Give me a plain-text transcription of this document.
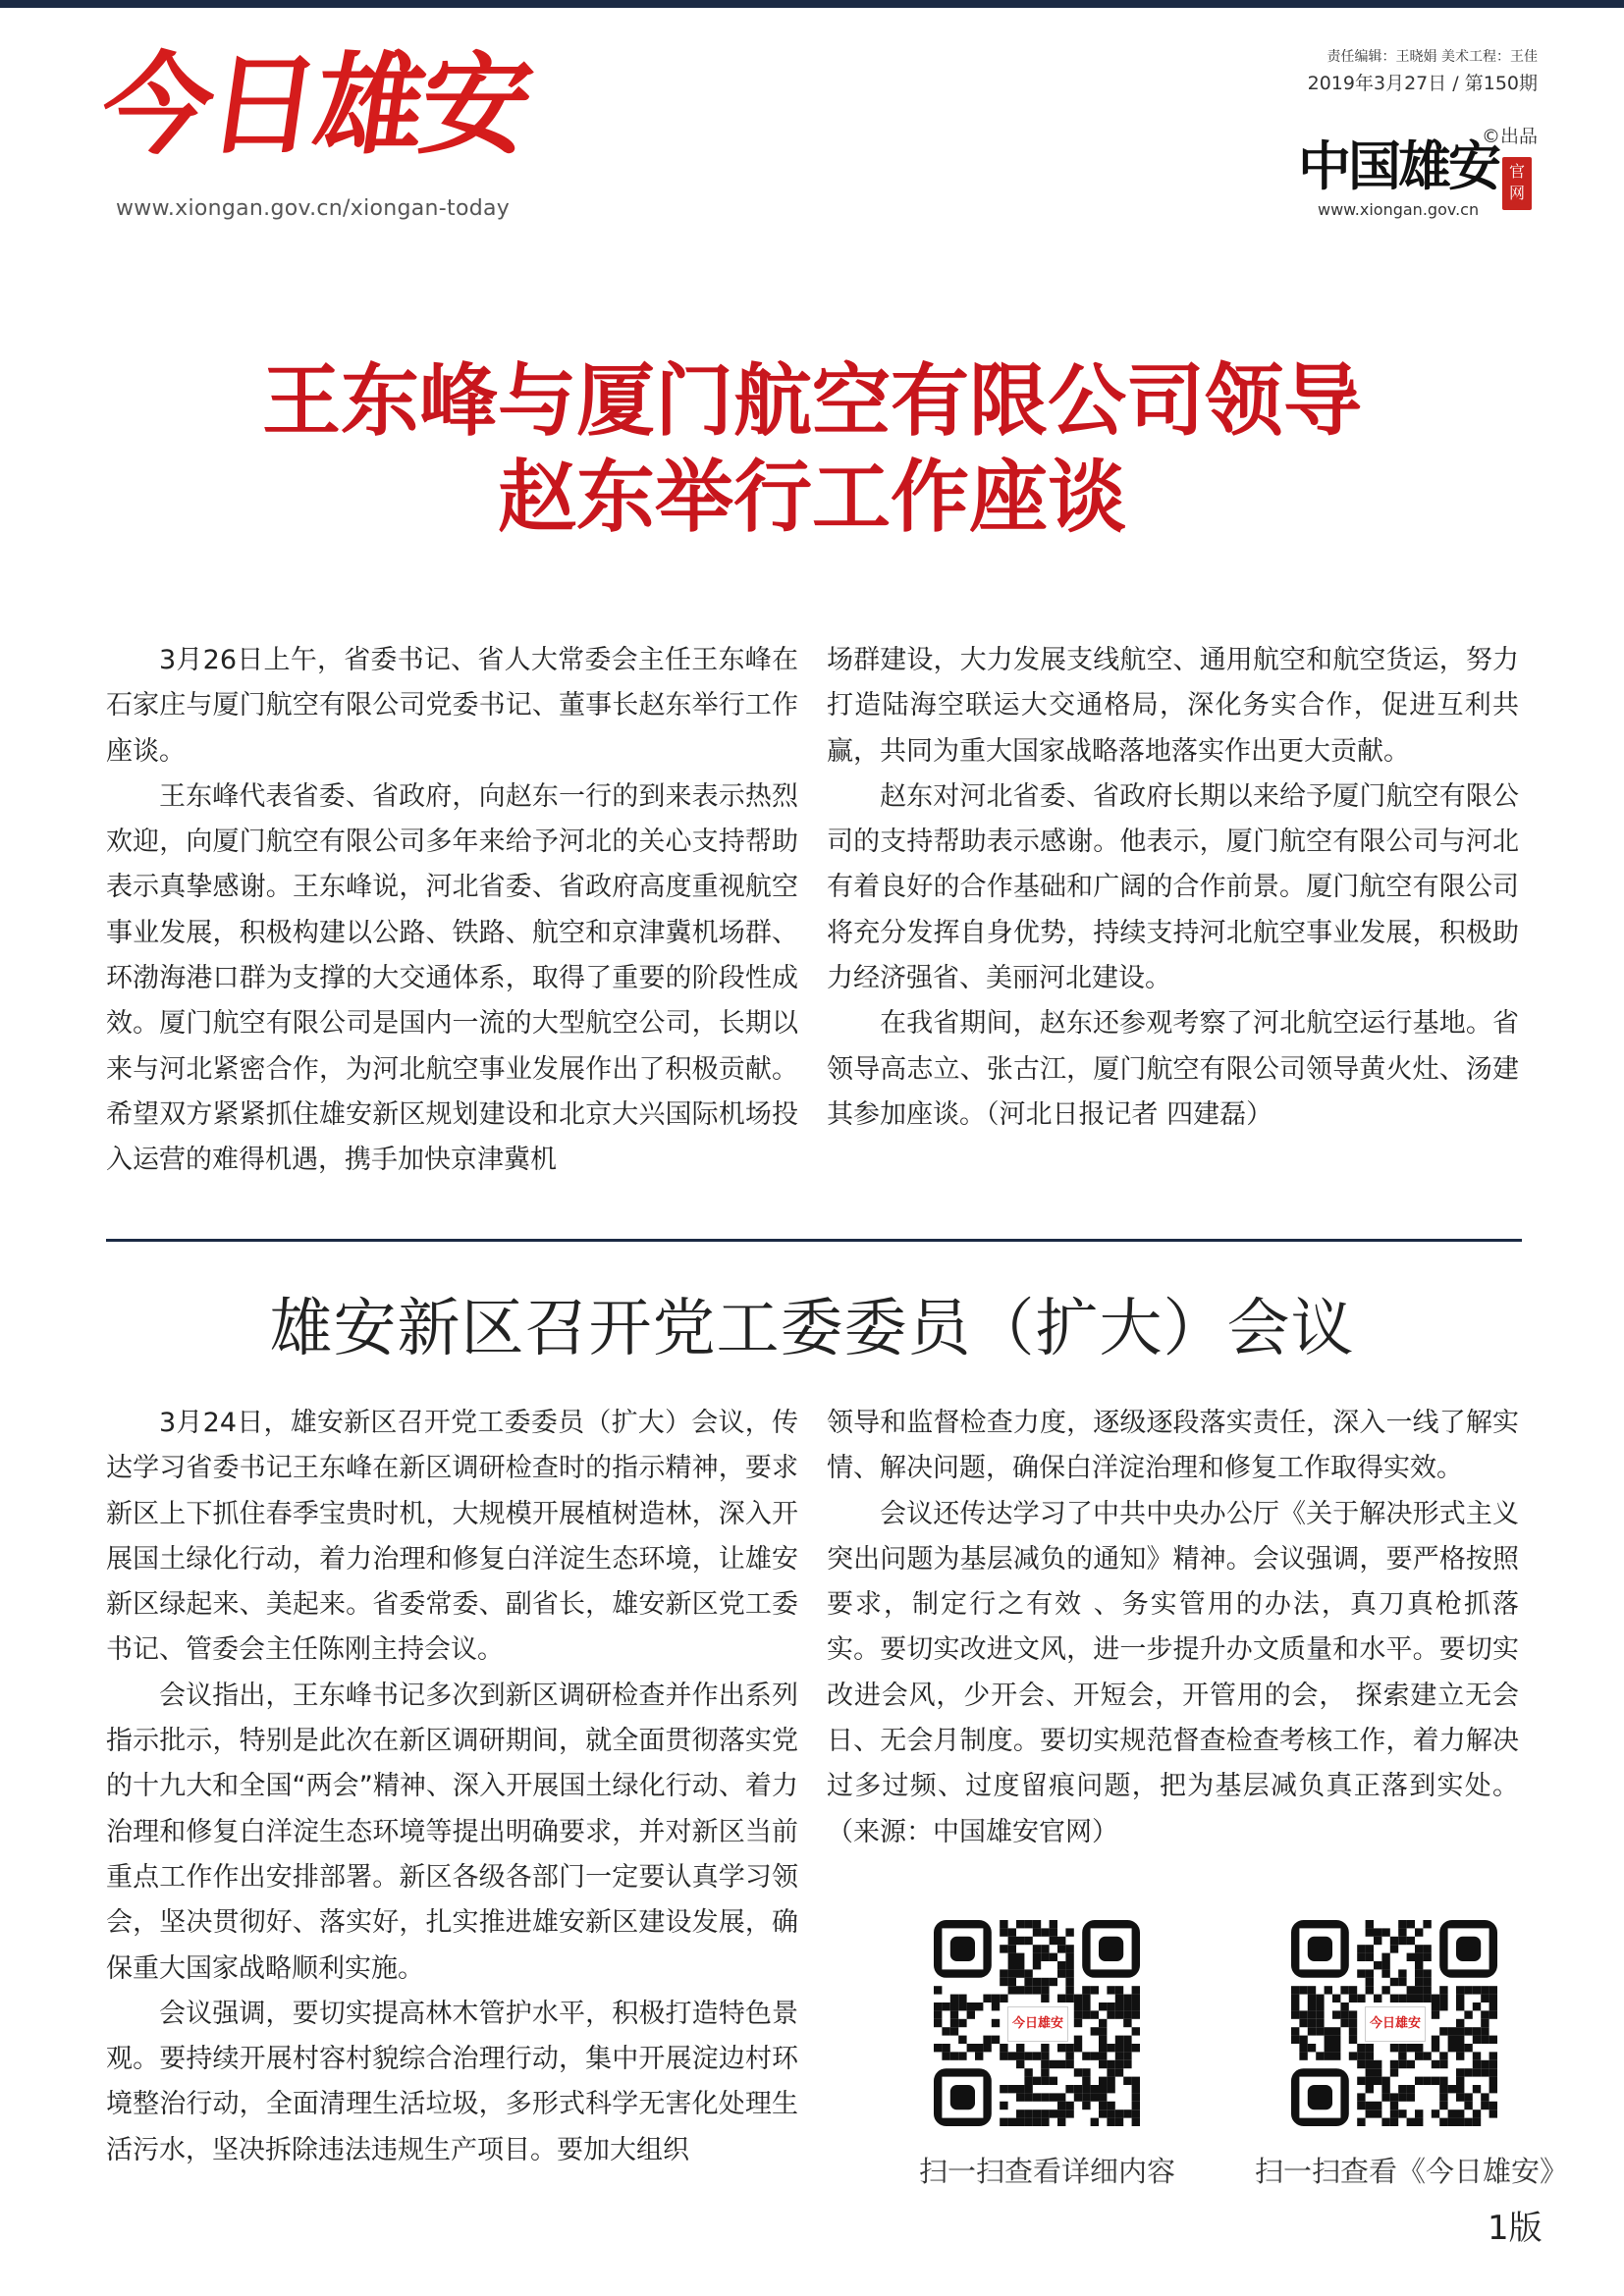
今日雄安
www.xiongan.gov.cn/xiongan-today
责任编辑：王晓娟 美术工程：王佳
2019年3月27日 / 第150期
©出品
中国雄安 官网
www.xiongan.gov.cn
王东峰与厦门航空有限公司领导
赵东举行工作座谈

3月26日上午，省委书记、省人大常委会主任王东峰在石家庄与厦门航空有限公司党委书记、董事长赵东举行工作座谈。

王东峰代表省委、省政府，向赵东一行的到来表示热烈欢迎，向厦门航空有限公司多年来给予河北的关心支持帮助表示真挚感谢。王东峰说，河北省委、省政府高度重视航空事业发展，积极构建以公路、铁路、航空和京津冀机场群、环渤海港口群为支撑的大交通体系，取得了重要的阶段性成效。厦门航空有限公司是国内一流的大型航空公司，长期以来与河北紧密合作，为河北航空事业发展作出了积极贡献。希望双方紧紧抓住雄安新区规划建设和北京大兴国际机场投入运营的难得机遇，携手加快京津冀机

场群建设，大力发展支线航空、通用航空和航空货运，努力打造陆海空联运大交通格局，深化务实合作，促进互利共赢，共同为重大国家战略落地落实作出更大贡献。

赵东对河北省委、省政府长期以来给予厦门航空有限公司的支持帮助表示感谢。他表示，厦门航空有限公司与河北有着良好的合作基础和广阔的合作前景。厦门航空有限公司将充分发挥自身优势，持续支持河北航空事业发展，积极助力经济强省、美丽河北建设。

在我省期间，赵东还参观考察了河北航空运行基地。省领导高志立、张古江，厦门航空有限公司领导黄火灶、汤建其参加座谈。（河北日报记者 四建磊）

雄安新区召开党工委委员（扩大）会议

3月24日，雄安新区召开党工委委员（扩大）会议，传达学习省委书记王东峰在新区调研检查时的指示精神，要求新区上下抓住春季宝贵时机，大规模开展植树造林，深入开展国土绿化行动，着力治理和修复白洋淀生态环境，让雄安新区绿起来、美起来。省委常委、副省长，雄安新区党工委书记、管委会主任陈刚主持会议。

会议指出，王东峰书记多次到新区调研检查并作出系列指示批示，特别是此次在新区调研期间，就全面贯彻落实党的十九大和全国“两会”精神、深入开展国土绿化行动、着力治理和修复白洋淀生态环境等提出明确要求，并对新区当前重点工作作出安排部署。新区各级各部门一定要认真学习领会，坚决贯彻好、落实好，扎实推进雄安新区建设发展，确保重大国家战略顺利实施。

会议强调，要切实提高林木管护水平，积极打造特色景观。要持续开展村容村貌综合治理行动，集中开展淀边村环境整治行动，全面清理生活垃圾，多形式科学无害化处理生活污水，坚决拆除违法违规生产项目。要加大组织

领导和监督检查力度，逐级逐段落实责任，深入一线了解实情、解决问题，确保白洋淀治理和修复工作取得实效。

会议还传达学习了中共中央办公厅《关于解决形式主义突出问题为基层减负的通知》精神。会议强调，要严格按照要求，制定行之有效 、务实管用的办法，真刀真枪抓落实。要切实改进文风，进一步提升办文质量和水平。要切实改进会风，少开会、开短会，开管用的会， 探索建立无会日、无会月制度。要切实规范督查检查考核工作，着力解决过多过频、过度留痕问题，把为基层减负真正落到实处。（来源：中国雄安官网）

今日雄安	今日雄安
扫一扫查看详细内容	扫一扫查看《今日雄安》
1版
